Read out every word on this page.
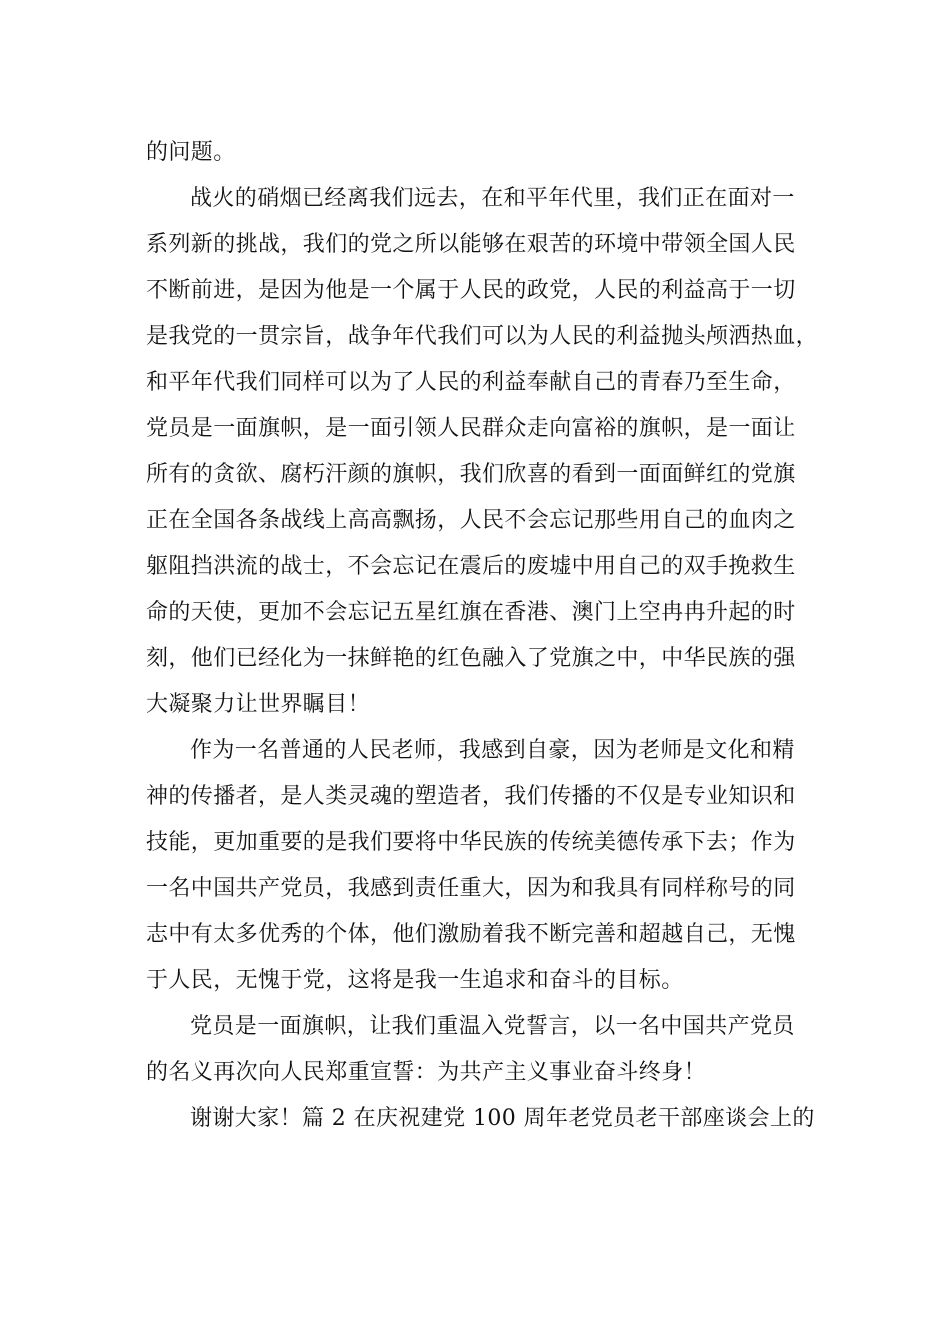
的问题。
战火的硝烟已经离我们远去，在和平年代里，我们正在面对一
系列新的挑战，我们的党之所以能够在艰苦的环境中带领全国人民
不断前进，是因为他是一个属于人民的政党，人民的利益高于一切
是我党的一贯宗旨，战争年代我们可以为人民的利益抛头颅洒热血，
和平年代我们同样可以为了人民的利益奉献自己的青春乃至生命，
党员是一面旗帜，是一面引领人民群众走向富裕的旗帜，是一面让
所有的贪欲、腐朽汗颜的旗帜，我们欣喜的看到一面面鲜红的党旗
正在全国各条战线上高高飘扬，人民不会忘记那些用自己的血肉之
躯阻挡洪流的战士，不会忘记在震后的废墟中用自己的双手挽救生
命的天使，更加不会忘记五星红旗在香港、澳门上空冉冉升起的时
刻，他们已经化为一抹鲜艳的红色融入了党旗之中，中华民族的强
大凝聚力让世界瞩目！
作为一名普通的人民老师，我感到自豪，因为老师是文化和精
神的传播者，是人类灵魂的塑造者，我们传播的不仅是专业知识和
技能，更加重要的是我们要将中华民族的传统美德传承下去；作为
一名中国共产党员，我感到责任重大，因为和我具有同样称号的同
志中有太多优秀的个体，他们激励着我不断完善和超越自己，无愧
于人民，无愧于党，这将是我一生追求和奋斗的目标。
党员是一面旗帜，让我们重温入党誓言，以一名中国共产党员
的名义再次向人民郑重宣誓：为共产主义事业奋斗终身！
谢谢大家！篇 2 在庆祝建党 100 周年老党员老干部座谈会上的
